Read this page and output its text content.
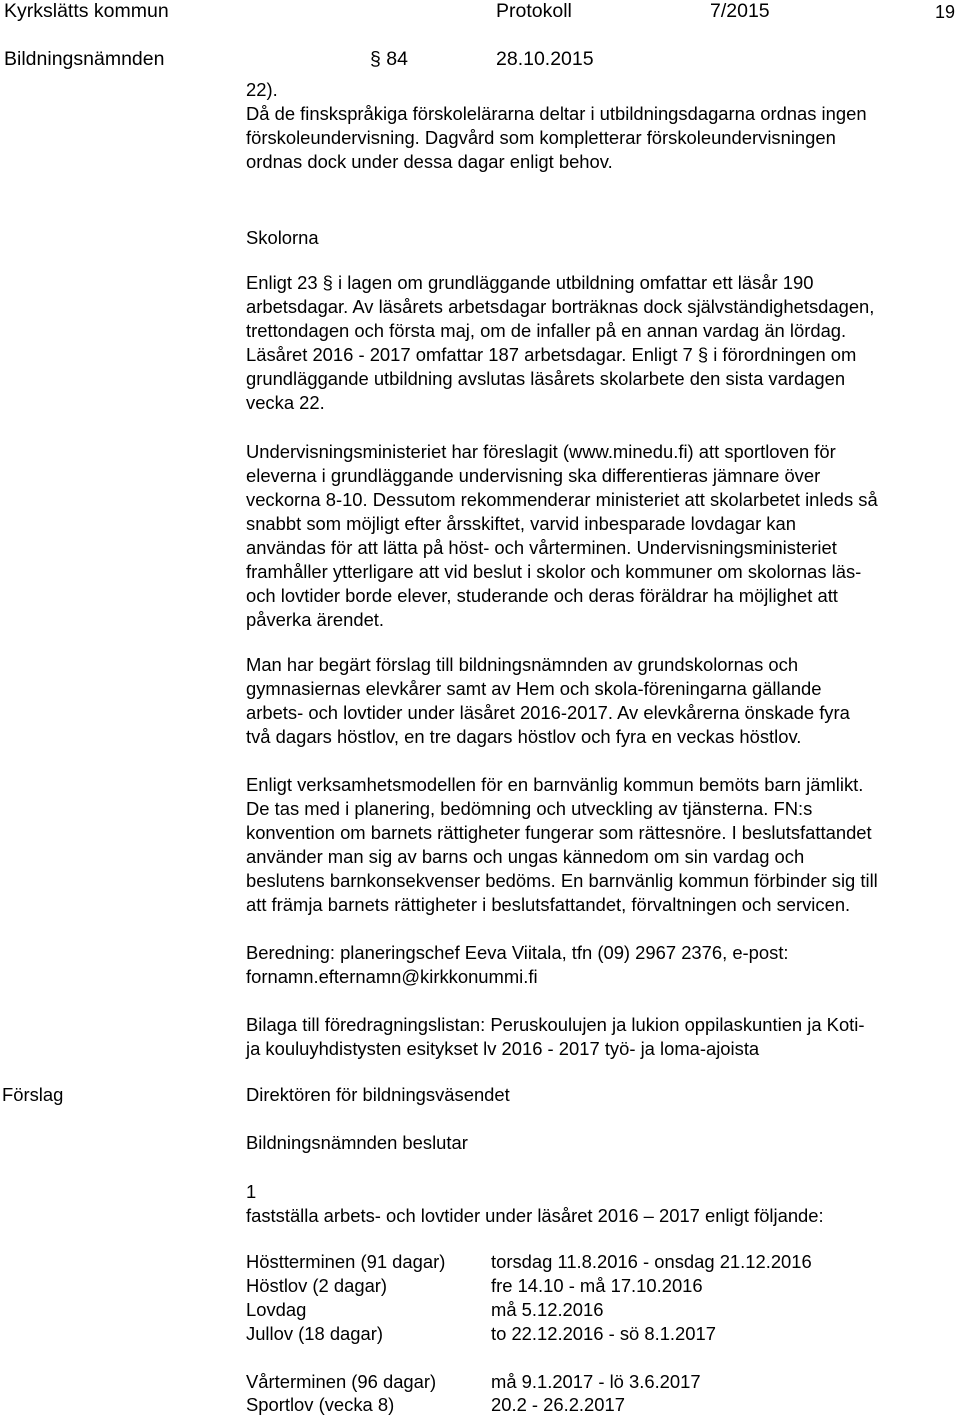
Kyrkslätts kommun	Protokoll	7/2015	19
Bildningsnämnden	§ 84	28.10.2015
22).
Då de finskspråkiga förskolelärarna deltar i utbildningsdagarna ordnas ingen
förskoleundervisning. Dagvård som kompletterar förskoleundervisningen
ordnas dock under dessa dagar enligt behov.
Skolorna
Enligt 23 § i lagen om grundläggande utbildning omfattar ett läsår 190
arbetsdagar. Av läsårets arbetsdagar borträknas dock självständighetsdagen,
trettondagen och första maj, om de infaller på en annan vardag än lördag.
Läsåret 2016 - 2017 omfattar 187 arbetsdagar. Enligt 7 § i förordningen om
grundläggande utbildning avslutas läsårets skolarbete den sista vardagen
vecka 22.
Undervisningsministeriet har föreslagit (www.minedu.fi) att sportloven för
eleverna i grundläggande undervisning ska differentieras jämnare över
veckorna 8-10. Dessutom rekommenderar ministeriet att skolarbetet inleds så
snabbt som möjligt efter årsskiftet, varvid inbesparade lovdagar kan
användas för att lätta på höst- och vårterminen. Undervisningsministeriet
framhåller ytterligare att vid beslut i skolor och kommuner om skolornas läs-
och lovtider borde elever, studerande och deras föräldrar ha möjlighet att
påverka ärendet.
Man har begärt förslag till bildningsnämnden av grundskolornas och
gymnasiernas elevkårer samt av Hem och skola-föreningarna gällande
arbets- och lovtider under läsåret 2016-2017. Av elevkårerna önskade fyra
två dagars höstlov, en tre dagars höstlov och fyra en veckas höstlov.
Enligt verksamhetsmodellen för en barnvänlig kommun bemöts barn jämlikt.
De tas med i planering, bedömning och utveckling av tjänsterna. FN:s
konvention om barnets rättigheter fungerar som rättesnöre. I beslutsfattandet
använder man sig av barns och ungas kännedom om sin vardag och
beslutens barnkonsekvenser bedöms. En barnvänlig kommun förbinder sig till
att främja barnets rättigheter i beslutsfattandet, förvaltningen och servicen.
Beredning: planeringschef Eeva Viitala, tfn (09) 2967 2376, e-post:
fornamn.efternamn@kirkkonummi.fi
Bilaga till föredragningslistan: Peruskoulujen ja lukion oppilaskuntien ja Koti-
ja kouluyhdistysten esitykset lv 2016 - 2017 työ- ja loma-ajoista
Förslag	Direktören för bildningsväsendet
Bildningsnämnden beslutar
1
fastställa arbets- och lovtider under läsåret 2016 – 2017 enligt följande:
Höstterminen (91 dagar) torsdag 11.8.2016 - onsdag 21.12.2016
Höstlov (2 dagar)	fre 14.10 - må 17.10.2016
Lovdag	må 5.12.2016
Jullov (18 dagar)	to 22.12.2016 - sö 8.1.2017
Vårterminen (96 dagar)	må 9.1.2017 - lö 3.6.2017
Sportlov (vecka 8)	20.2 - 26.2.2017
